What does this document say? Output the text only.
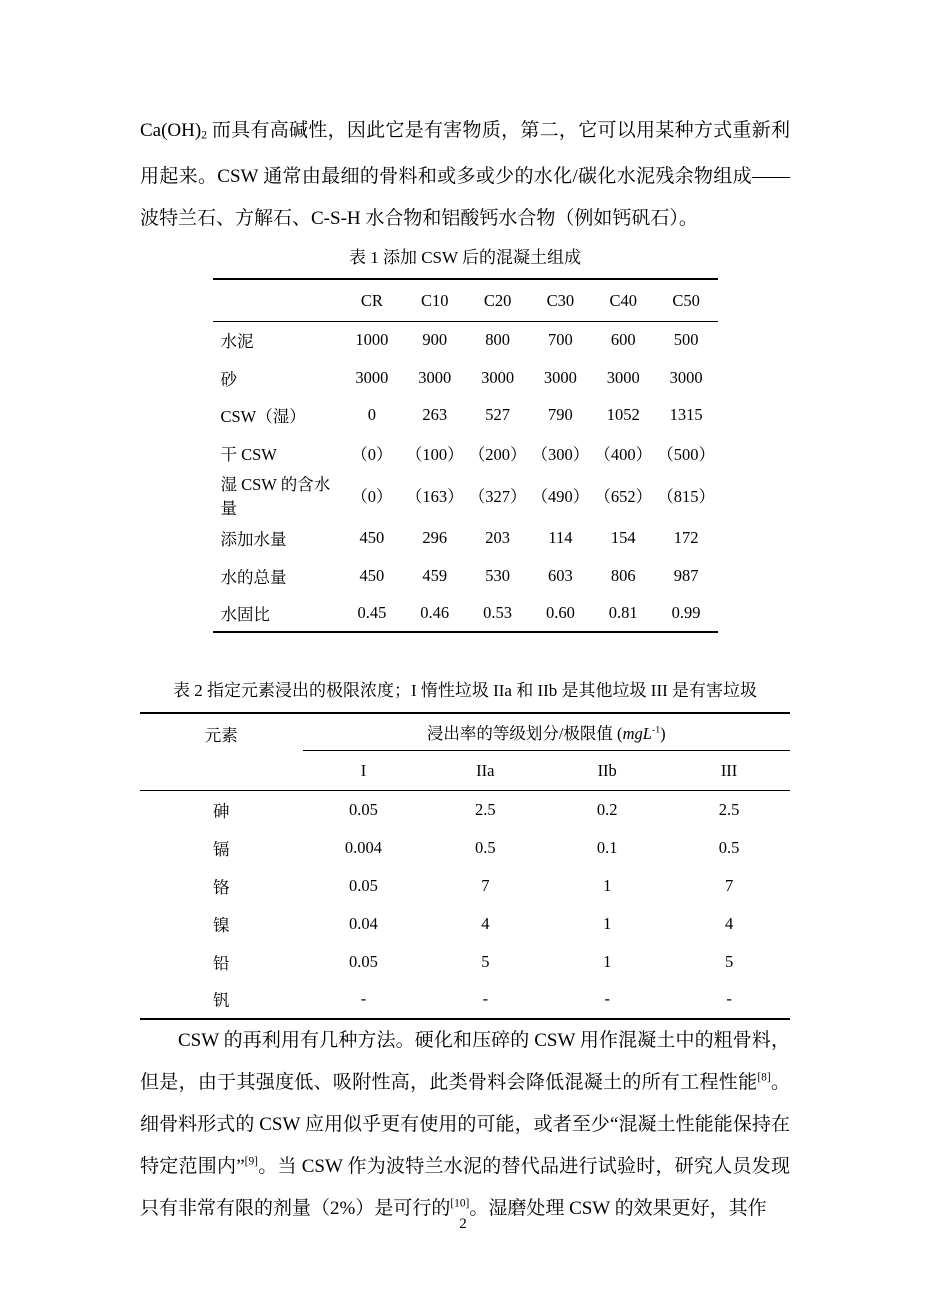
$Ca(OH)_2$ 而具有高碱性，因此它是有害物质，第二，它可以用某种方式重新利用起来。CSW 通常由最细的骨料和或多或少的水化/碳化水泥残余物组成——波特兰石、方解石、C-S-H 水合物和铝酸钙水合物（例如钙矾石）。

表 1 添加 CSW 后的混凝土组成
	CR	C10	C20	C30	C40	C50
水泥	1000	900	800	700	600	500
砂	3000	3000	3000	3000	3000	3000
CSW（湿）	0	263	527	790	1052	1315
干 CSW	（0）	（100）	（200）	（300）	（400）	（500）
湿 CSW 的含水量	（0）	（163）	（327）	（490）	（652）	（815）
添加水量	450	296	203	114	154	172
水的总量	450	459	530	603	806	987
水固比	0.45	0.46	0.53	0.60	0.81	0.99
表 2 指定元素浸出的极限浓度；I 惰性垃圾 IIa 和 IIb 是其他垃圾 III 是有害垃圾
元素	浸出率的等级划分/极限值 (mgL$^{-1}$)			
	I	IIa	IIb	III
砷	0.05	2.5	0.2	2.5
镉	0.004	0.5	0.1	0.5
铬	0.05	7	1	7
镍	0.04	4	1	4
铅	0.05	5	1	5
钒	-	-	-	-

CSW 的再利用有几种方法。硬化和压碎的 CSW 用作混凝土中的粗骨料，但是，由于其强度低、吸附性高，此类骨料会降低混凝土的所有工程性能[8]。细骨料形式的 CSW 应用似乎更有使用的可能，或者至少“混凝土性能能保持在特定范围内”[9]。当 CSW 作为波特兰水泥的替代品进行试验时，研究人员发现只有非常有限的剂量（2%）是可行的[10]。湿磨处理 CSW 的效果更好，其作

2
